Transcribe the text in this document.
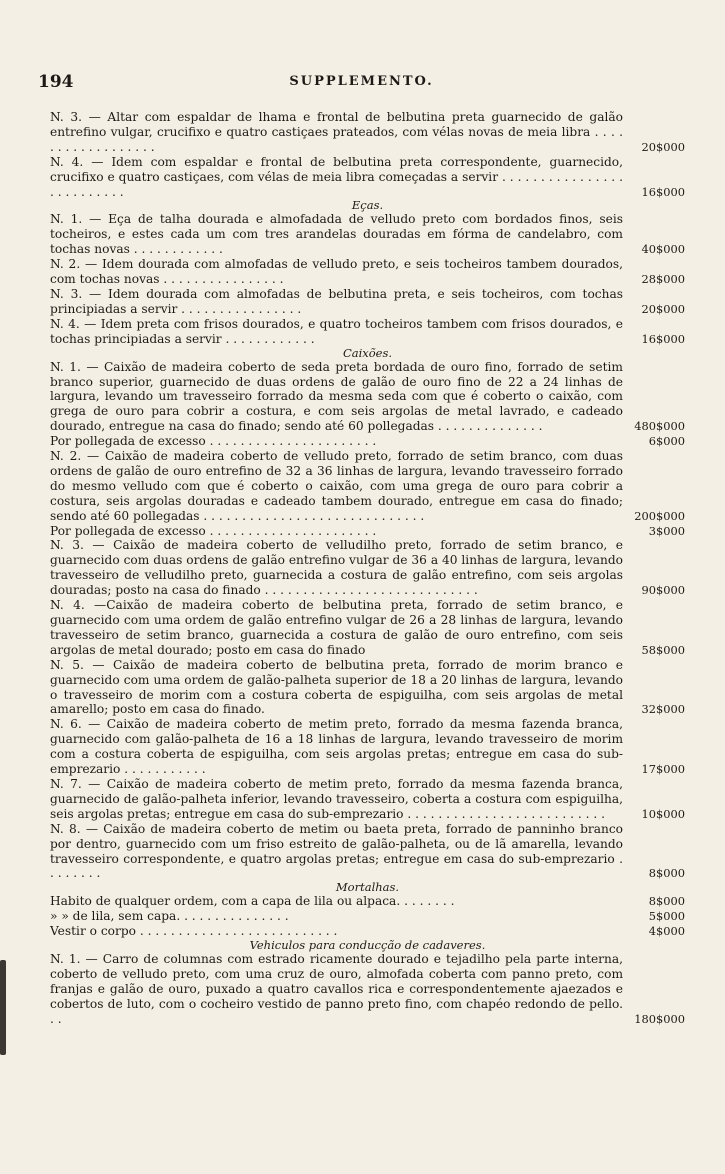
194	SUPPLEMENTO.
N. 3. — Altar com espaldar de lhama e frontal de belbutina preta guarnecido de galão entrefino vulgar, crucifixo e quatro castiçaes prateados, com vélas novas de meia libra . . . . . . . . . . . . . . . . . .	20$000
N. 4. — Idem com espaldar e frontal de belbutina preta correspondente, guarnecido, crucifixo e quatro castiçaes, com vélas de meia libra começadas a servir . . . . . . . . . . . . . . . . . . . . . . . . . .	16$000

Eças.

N. 1. — Eça de talha dourada e almofadada de velludo preto com bordados finos, seis tocheiros, e estes cada um com tres arandelas douradas em fórma de candelabro, com tochas novas . . . . . . . . . . . .	40$000
N. 2. — Idem dourada com almofadas de velludo preto, e seis tocheiros tambem dourados, com tochas novas . . . . . . . . . . . . . . . .	28$000
N. 3. — Idem dourada com almofadas de belbutina preta, e seis tocheiros, com tochas principiadas a servir . . . . . . . . . . . . . . . .	20$000
N. 4. — Idem preta com frisos dourados, e quatro tocheiros tambem com frisos dourados, e tochas principiadas a servir . . . . . . . . . . . .	16$000

Caixões.

N. 1. — Caixão de madeira coberto de seda preta bordada de ouro fino, forrado de setim branco superior, guarnecido de duas ordens de galão de ouro fino de 22 a 24 linhas de largura, levando um travesseiro forrado da mesma seda com que é coberto o caixão, com grega de ouro para cobrir a costura, e com seis argolas de metal lavrado, e cadeado dourado, entregue na casa do finado; sendo até 60 pollegadas . . . . . . . . . . . . . .	480$000
Por pollegada de excesso . . . . . . . . . . . . . . . . . . . . . .	6$000
N. 2. — Caixão de madeira coberto de velludo preto, forrado de setim branco, com duas ordens de galão de ouro entrefino de 32 a 36 linhas de largura, levando travesseiro forrado do mesmo velludo com que é coberto o caixão, com uma grega de ouro para cobrir a costura, seis argolas douradas e cadeado tambem dourado, entregue em casa do finado; sendo até 60 pollegadas . . . . . . . . . . . . . . . . . . . . . . . . . . . . .	200$000
Por pollegada de excesso . . . . . . . . . . . . . . . . . . . . . .	3$000
N. 3. — Caixão de madeira coberto de velludilho preto, forrado de setim branco, e guarnecido com duas ordens de galão entrefino vulgar de 36 a 40 linhas de largura, levando travesseiro de velludilho preto, guarnecida a costura de galão entrefino, com seis argolas douradas; posto na casa do finado . . . . . . . . . . . . . . . . . . . . . . . . . . . .	90$000
N. 4. —Caixão de madeira coberto de belbutina preta, forrado de setim branco, e guarnecido com uma ordem de galão entrefino vulgar de 26 a 28 linhas de largura, levando travesseiro de setim branco, guarnecida a costura de galão de ouro entrefino, com seis argolas de metal dourado; posto em casa do finado	58$000
N. 5. — Caixão de madeira coberto de belbutina preta, forrado de morim branco e guarnecido com uma ordem de galão-palheta superior de 18 a 20 linhas de largura, levando o travesseiro de morim com a costura coberta de espiguilha, com seis argolas de metal amarello; posto em casa do finado.	32$000
N. 6. — Caixão de madeira coberto de metim preto, forrado da mesma fazenda branca, guarnecido com galão-palheta de 16 a 18 linhas de largura, levando travesseiro de morim com a costura coberta de espiguilha, com seis argolas pretas; entregue em casa do sub-emprezario . . . . . . . . . . .	17$000
N. 7. — Caixão de madeira coberto de metim preto, forrado da mesma fazenda branca, guarnecido de galão-palheta inferior, levando travesseiro, coberta a costura com espiguilha, seis argolas pretas; entregue em casa do sub-emprezario . . . . . . . . . . . . . . . . . . . . . . . . . .	10$000
N. 8. — Caixão de madeira coberto de metim ou baeta preta, forrado de panninho branco por dentro, guarnecido com um friso estreito de galão-palheta, ou de lã amarella, levando travesseiro correspondente, e quatro argolas pretas; entregue em casa do sub-emprezario . . . . . . . .	8$000

Mortalhas.

Habito de qualquer ordem, com a capa de lila ou alpaca. . . . . . . .	8$000
» » de lila, sem capa. . . . . . . . . . . . . . .	5$000
Vestir o corpo . . . . . . . . . . . . . . . . . . . . . . . . . .	4$000

Vehiculos para conducção de cadaveres.

N. 1. — Carro de columnas com estrado ricamente dourado e tejadilho pela parte interna, coberto de velludo preto, com uma cruz de ouro, almofada coberta com panno preto, com franjas e galão de ouro, puxado a quatro cavallos rica e correspondentemente ajaezados e cobertos de luto, com o cocheiro vestido de panno preto fino, com chapéo redondo de pello. . .	180$000
